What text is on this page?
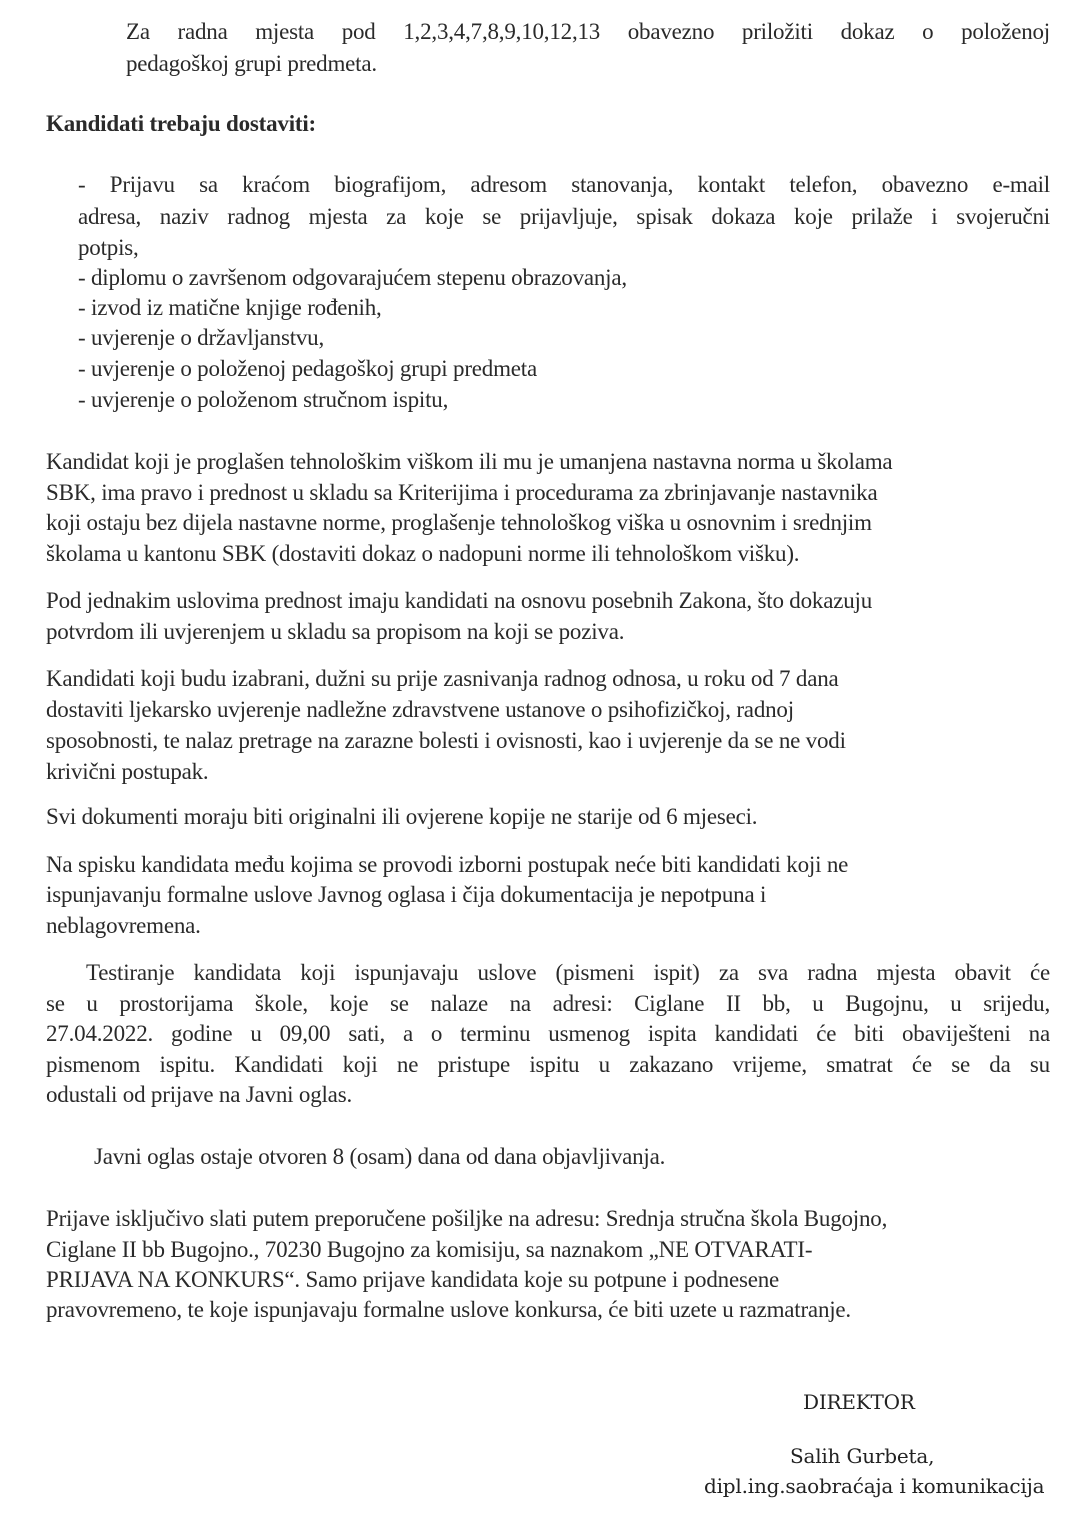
Za radna mjesta pod 1,2,3,4,7,8,9,10,12,13 obavezno priložiti dokaz o položenoj
pedagoškoj grupi predmeta.
Kandidati trebaju dostaviti:
- Prijavu sa kraćom biografijom, adresom stanovanja, kontakt telefon, obavezno e-mail
adresa, naziv radnog mjesta za koje se prijavljuje, spisak dokaza koje prilaže i svojeručni
potpis,
- diplomu o završenom odgovarajućem stepenu obrazovanja,
- izvod iz matične knjige rođenih,
- uvjerenje o državljanstvu,
- uvjerenje o položenoj pedagoškoj grupi predmeta
- uvjerenje o položenom stručnom ispitu,
Kandidat koji je proglašen tehnološkim viškom ili mu je umanjena nastavna norma u školama
SBK, ima pravo i prednost u skladu sa Kriterijima i procedurama za zbrinjavanje nastavnika
koji ostaju bez dijela nastavne norme, proglašenje tehnološkog viška u osnovnim i srednjim
školama u kantonu SBK (dostaviti dokaz o nadopuni norme ili tehnološkom višku).
Pod jednakim uslovima prednost imaju kandidati na osnovu posebnih Zakona, što dokazuju
potvrdom ili uvjerenjem u skladu sa propisom na koji se poziva.
Kandidati koji budu izabrani, dužni su prije zasnivanja radnog odnosa, u roku od 7 dana
dostaviti ljekarsko uvjerenje nadležne zdravstvene ustanove o psihofizičkoj, radnoj
sposobnosti, te nalaz pretrage na zarazne bolesti i ovisnosti, kao i uvjerenje da se ne vodi
krivični postupak.
Svi dokumenti moraju biti originalni ili ovjerene kopije ne starije od 6 mjeseci.
Na spisku kandidata među kojima se provodi izborni postupak neće biti kandidati koji ne
ispunjavanju formalne uslove Javnog oglasa i čija dokumentacija je nepotpuna i
neblagovremena.
Testiranje kandidata koji ispunjavaju uslove (pismeni ispit) za sva radna mjesta obavit će
se u prostorijama škole, koje se nalaze na adresi: Ciglane II bb, u Bugojnu, u srijedu,
27.04.2022. godine u 09,00 sati, a o terminu usmenog ispita kandidati će biti obaviješteni na
pismenom ispitu. Kandidati koji ne pristupe ispitu u zakazano vrijeme, smatrat će se da su
odustali od prijave na Javni oglas.
Javni oglas ostaje otvoren 8 (osam) dana od dana objavljivanja.
Prijave isključivo slati putem preporučene pošiljke na adresu: Srednja stručna škola Bugojno,
Ciglane II bb Bugojno., 70230 Bugojno za komisiju, sa naznakom „NE OTVARATI-
PRIJAVA NA KONKURS“. Samo prijave kandidata koje su potpune i podnesene
pravovremeno, te koje ispunjavaju formalne uslove konkursa, će biti uzete u razmatranje.
DIREKTOR
Salih Gurbeta,
dipl.ing.saobraćaja i komunikacija
